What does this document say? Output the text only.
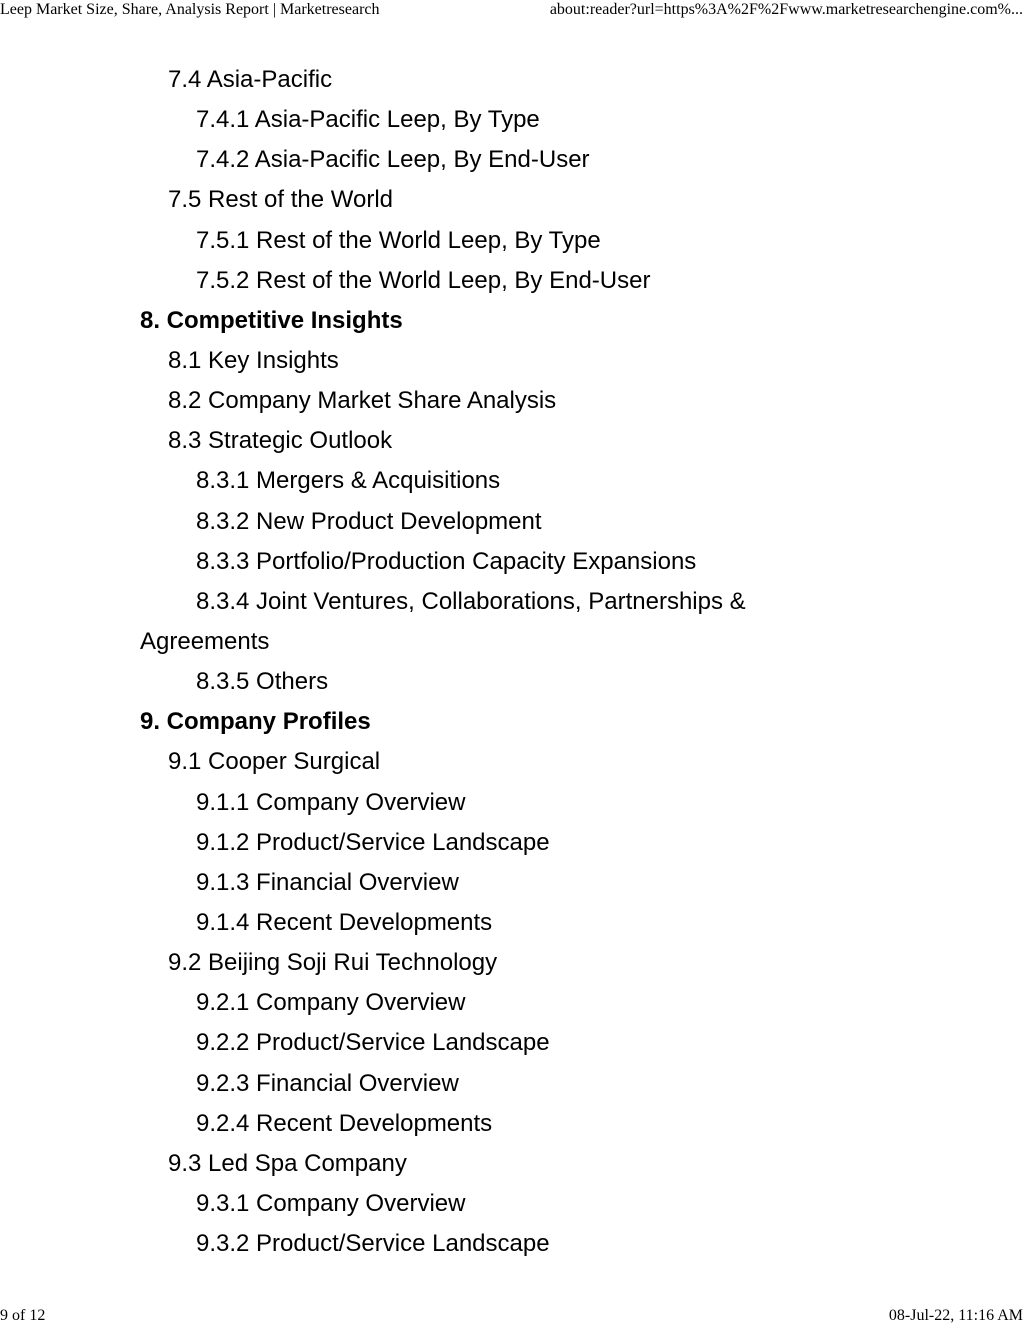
Leep Market Size, Share, Analysis Report | Marketresearch	about:reader?url=https%3A%2F%2Fwww.marketresearchengine.com%...
7.4 Asia-Pacific
7.4.1 Asia-Pacific Leep, By Type
7.4.2 Asia-Pacific Leep, By End-User
7.5 Rest of the World
7.5.1 Rest of the World Leep, By Type
7.5.2 Rest of the World Leep, By End-User
8. Competitive Insights
8.1 Key Insights
8.2 Company Market Share Analysis
8.3 Strategic Outlook
8.3.1 Mergers & Acquisitions
8.3.2 New Product Development
8.3.3 Portfolio/Production Capacity Expansions
8.3.4 Joint Ventures, Collaborations, Partnerships &
Agreements
8.3.5 Others
9. Company Profiles
9.1 Cooper Surgical
9.1.1 Company Overview
9.1.2 Product/Service Landscape
9.1.3 Financial Overview
9.1.4 Recent Developments
9.2 Beijing Soji Rui Technology
9.2.1 Company Overview
9.2.2 Product/Service Landscape
9.2.3 Financial Overview
9.2.4 Recent Developments
9.3 Led Spa Company
9.3.1 Company Overview
9.3.2 Product/Service Landscape
9 of 12	08-Jul-22, 11:16 AM
